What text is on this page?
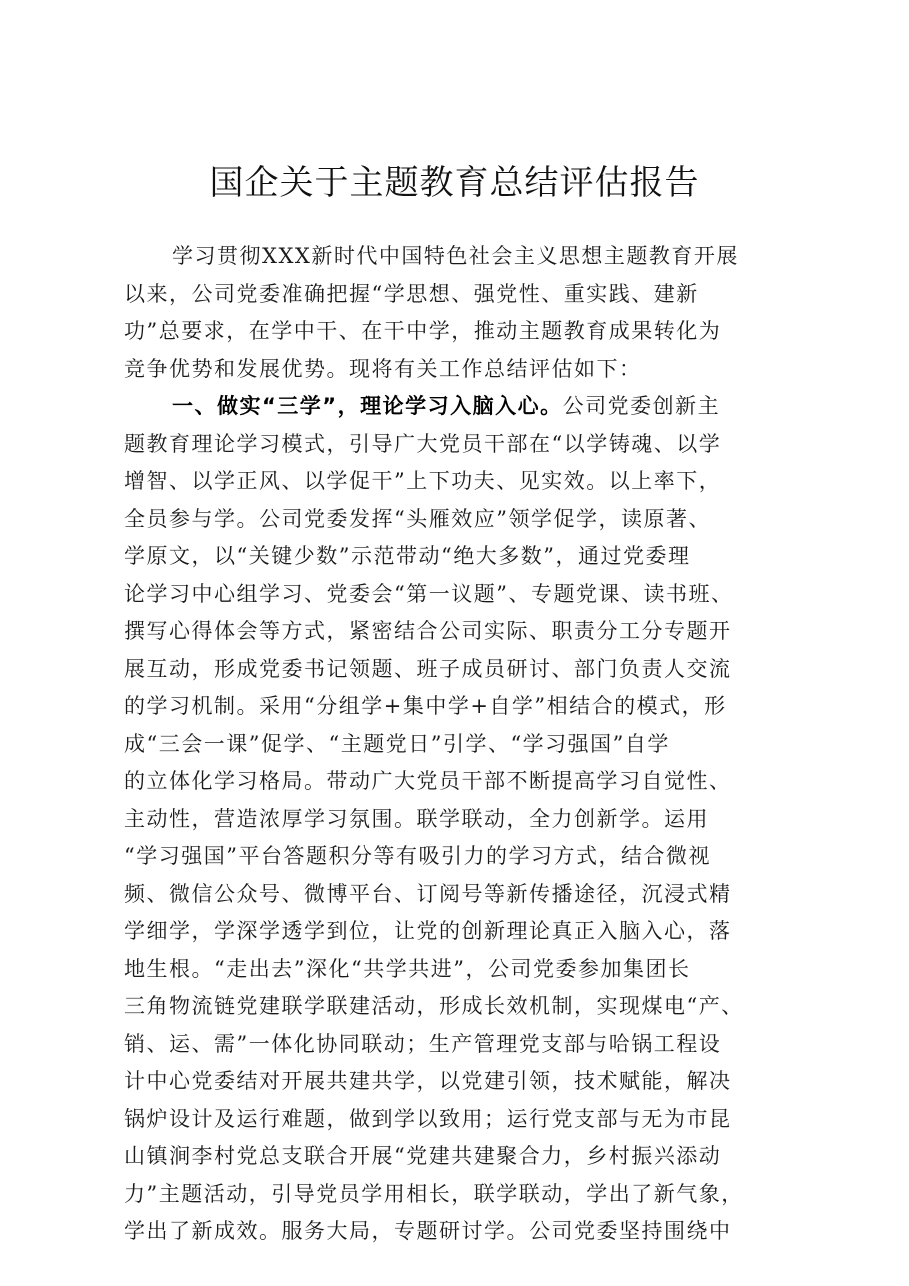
国企关于主题教育总结评估报告
学习贯彻XXX新时代中国特色社会主义思想主题教育开展
以来，公司党委准确把握“学思想、强党性、重实践、建新
功”总要求，在学中干、在干中学，推动主题教育成果转化为
竞争优势和发展优势。现将有关工作总结评估如下：
一、做实“三学”，理论学习入脑入心。公司党委创新主
题教育理论学习模式，引导广大党员干部在“以学铸魂、以学
增智、以学正风、以学促干”上下功夫、见实效。以上率下，
全员参与学。公司党委发挥“头雁效应”领学促学，读原著、
学原文，以“关键少数”示范带动“绝大多数”，通过党委理
论学习中心组学习、党委会“第一议题”、专题党课、读书班、
撰写心得体会等方式，紧密结合公司实际、职责分工分专题开
展互动，形成党委书记领题、班子成员研讨、部门负责人交流
的学习机制。采用“分组学+集中学+自学”相结合的模式，形
成“三会一课”促学、“主题党日”引学、“学习强国”自学
的立体化学习格局。带动广大党员干部不断提高学习自觉性、
主动性，营造浓厚学习氛围。联学联动，全力创新学。运用
“学习强国”平台答题积分等有吸引力的学习方式，结合微视
频、微信公众号、微博平台、订阅号等新传播途径，沉浸式精
学细学，学深学透学到位，让党的创新理论真正入脑入心，落
地生根。“走出去”深化“共学共进”，公司党委参加集团长
三角物流链党建联学联建活动，形成长效机制，实现煤电“产、
销、运、需”一体化协同联动；生产管理党支部与哈锅工程设
计中心党委结对开展共建共学，以党建引领，技术赋能，解决
锅炉设计及运行难题，做到学以致用；运行党支部与无为市昆
山镇涧李村党总支联合开展“党建共建聚合力，乡村振兴添动
力”主题活动，引导党员学用相长，联学联动，学出了新气象，
学出了新成效。服务大局，专题研讨学。公司党委坚持围绕中
